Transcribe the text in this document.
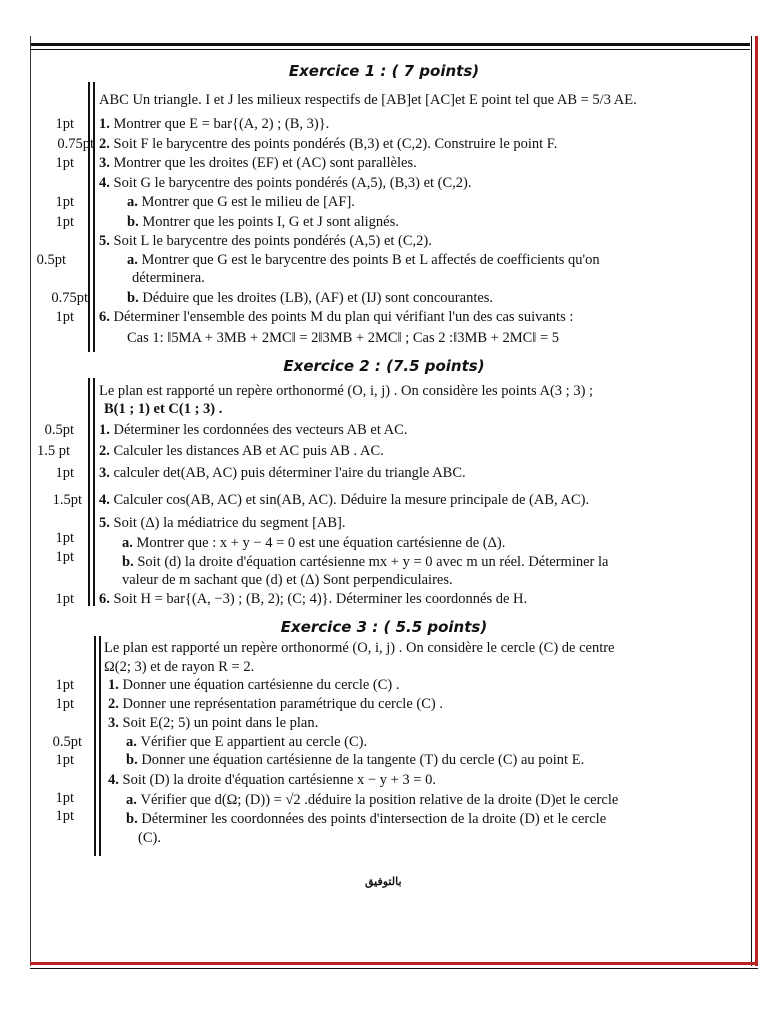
Exercice 1 : ( 7 points)
ABC Un triangle. I et J les milieux respectifs de [AB]et [AC]et E point tel que AB = 5/3 AE.
1pt 1. Montrer que E = bar{(A, 2) ; (B, 3)}.
0.75pt 2. Soit F le barycentre des points pondérés (B,3) et (C,2). Construire le point F.
1pt 3. Montrer que les droites (EF) et (AC) sont parallèles.
4. Soit G le barycentre des points pondérés (A,5), (B,3) et (C,2).
1pt	a. Montrer que G est le milieu de [AF].
1pt	b. Montrer que les points I, G et J sont alignés.
5. Soit L le barycentre des points pondérés (A,5) et (C,2).
0.5pt	a. Montrer que G est le barycentre des points B et L affectés de coefficients qu'on
déterminera.
0.75pt	b. Déduire que les droites (LB), (AF) et (IJ) sont concourantes.
1pt 6. Déterminer l'ensemble des points M du plan qui vérifiant l'un des cas suivants :
Cas 1: ‖5MA + 3MB + 2MC‖ = 2‖3MB + 2MC‖ ; Cas 2 :‖3MB + 2MC‖ = 5
Exercice 2 : (7.5 points)
Le plan est rapporté un repère orthonormé (O, i, j) . On considère les points A(3 ; 3) ;
B(1 ; 1) et C(1 ; 3) .
0.5pt 1. Déterminer les cordonnées des vecteurs AB et AC.
1.5 pt 2. Calculer les distances AB et AC puis AB . AC.
1pt 3. calculer det(AB, AC) puis déterminer l'aire du triangle ABC.
1.5pt 4. Calculer cos(AB, AC) et sin(AB, AC). Déduire la mesure principale de (AB, AC).
5. Soit (Δ) la médiatrice du segment [AB].
1pt	a. Montrer que : x + y − 4 = 0 est une équation cartésienne de (Δ).
1pt	b. Soit (d) la droite d'équation cartésienne mx + y = 0 avec m un réel. Déterminer la
valeur de m sachant que (d) et (Δ) Sont perpendiculaires.
1pt 6. Soit H = bar{(A, −3) ; (B, 2); (C; 4)}. Déterminer les coordonnés de H.
Exercice 3 : ( 5.5 points)
Le plan est rapporté un repère orthonormé (O, i, j) . On considère le cercle (C) de centre
Ω(2; 3) et de rayon R = 2.
1pt 1. Donner une équation cartésienne du cercle (C) .
1pt 2. Donner une représentation paramétrique du cercle (C) .
3. Soit E(2; 5) un point dans le plan.
0.5pt	a. Vérifier que E appartient au cercle (C).
1pt	b. Donner une équation cartésienne de la tangente (T) du cercle (C) au point E.
4. Soit (D) la droite d'équation cartésienne x − y + 3 = 0.
1pt	a. Vérifier que d(Ω; (D)) = √2 .déduire la position relative de la droite (D)et le cercle
1pt	b. Déterminer les coordonnées des points d'intersection de la droite (D) et le cercle
(C).
بالتوفيق
